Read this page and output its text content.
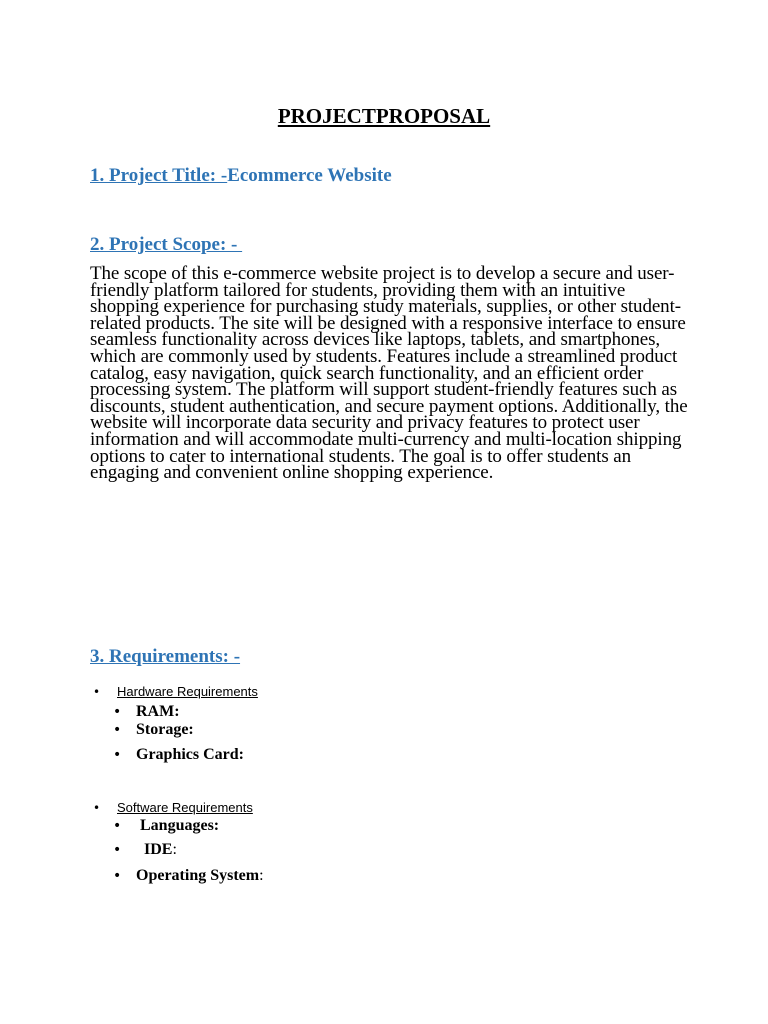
PROJECTPROPOSAL
1. Project Title: -Ecommerce Website
2. Project Scope: -

The scope of this e-commerce website project is to develop a secure and user-friendly platform tailored for students, providing them with an intuitive shopping experience for purchasing study materials, supplies, or other student-related products. The site will be designed with a responsive interface to ensure seamless functionality across devices like laptops, tablets, and smartphones, which are commonly used by students. Features include a streamlined product catalog, easy navigation, quick search functionality, and an efficient order processing system. The platform will support student-friendly features such as discounts, student authentication, and secure payment options. Additionally, the website will incorporate data security and privacy features to protect user information and will accommodate multi-currency and multi-location shipping options to cater to international students. The goal is to offer students an engaging and convenient online shopping experience.

3. Requirements: -

•

Hardware Requirements

•

RAM:

•

Storage:

•

Graphics Card:

•

Software Requirements

•

Languages:

•

IDE:

•

Operating System:
